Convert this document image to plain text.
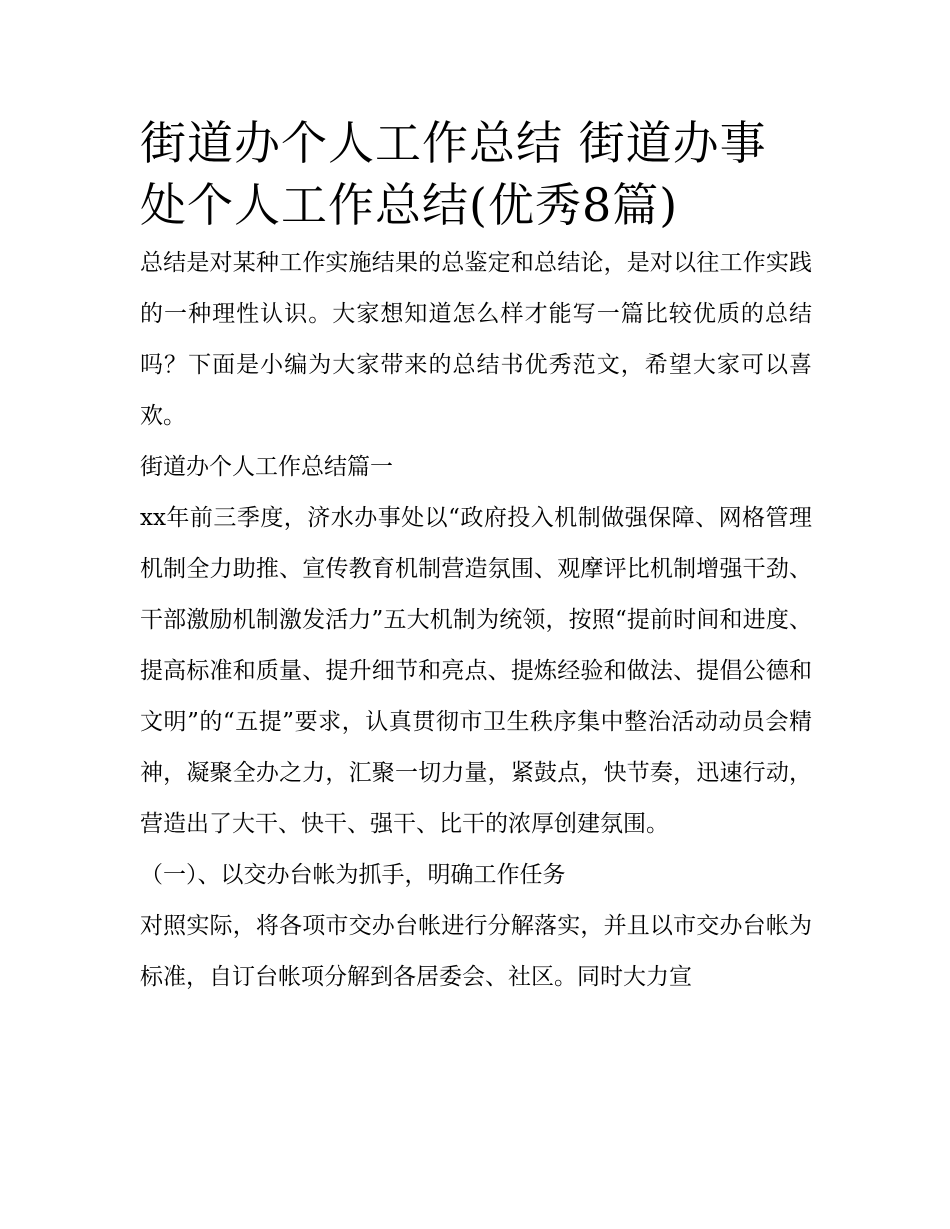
街道办个人工作总结 街道办事处个人工作总结(优秀8篇)

总结是对某种工作实施结果的总鉴定和总结论，是对以往工作实践的一种理性认识。大家想知道怎么样才能写一篇比较优质的总结吗？下面是小编为大家带来的总结书优秀范文，希望大家可以喜欢。

街道办个人工作总结篇一

xx年前三季度，济水办事处以“政府投入机制做强保障、网格管理机制全力助推、宣传教育机制营造氛围、观摩评比机制增强干劲、干部激励机制激发活力”五大机制为统领，按照“提前时间和进度、提高标准和质量、提升细节和亮点、提炼经验和做法、提倡公德和文明”的“五提”要求，认真贯彻市卫生秩序集中整治活动动员会精神，凝聚全办之力，汇聚一切力量，紧鼓点，快节奏，迅速行动，营造出了大干、快干、强干、比干的浓厚创建氛围。

（一）、以交办台帐为抓手，明确工作任务

对照实际，将各项市交办台帐进行分解落实，并且以市交办台帐为标准，自订台帐项分解到各居委会、社区。同时大力宣
